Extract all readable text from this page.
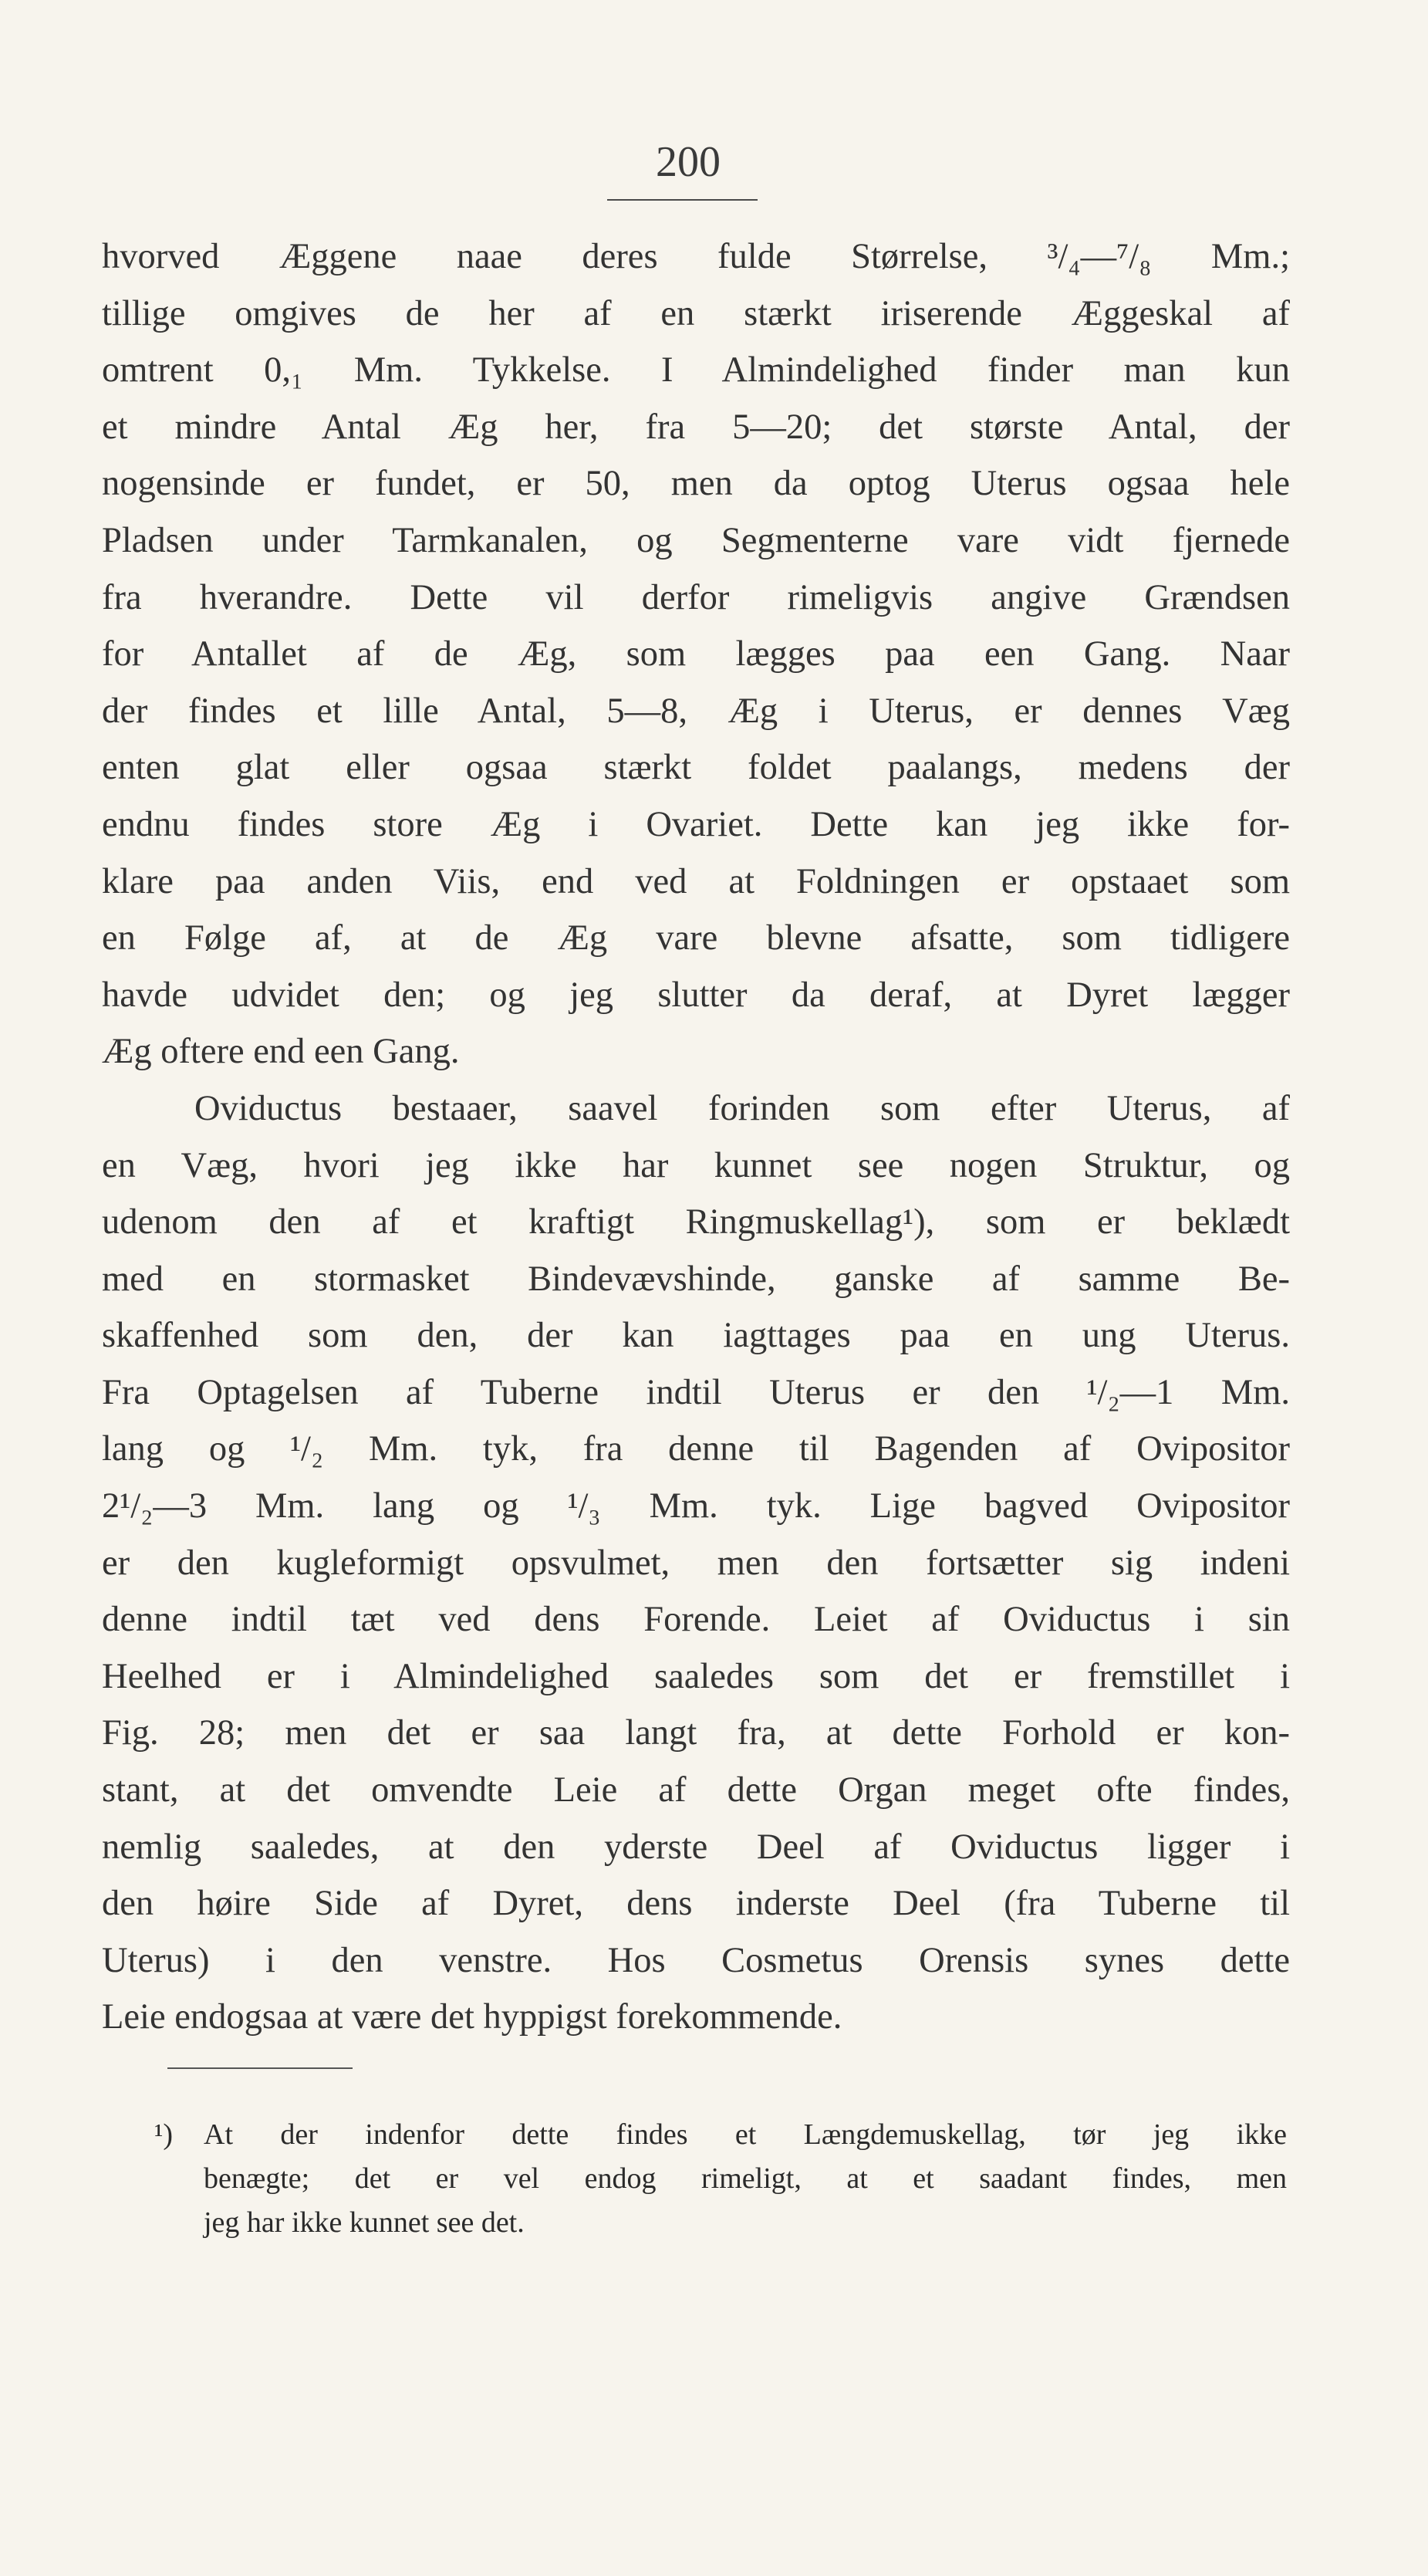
200
hvorved Æggene naae deres fulde Størrelse, ³/₄—⁷/₈ Mm.;
tillige omgives de her af en stærkt iriserende Æggeskal af
omtrent 0,₁ Mm. Tykkelse. I Almindelighed finder man kun
et mindre Antal Æg her, fra 5—20; det største Antal, der
nogensinde er fundet, er 50, men da optog Uterus ogsaa hele
Pladsen under Tarmkanalen, og Segmenterne vare vidt fjernede
fra hverandre. Dette vil derfor rimeligvis angive Grændsen
for Antallet af de Æg, som lægges paa een Gang. Naar
der findes et lille Antal, 5—8, Æg i Uterus, er dennes Væg
enten glat eller ogsaa stærkt foldet paalangs, medens der
endnu findes store Æg i Ovariet. Dette kan jeg ikke for-
klare paa anden Viis, end ved at Foldningen er opstaaet som
en Følge af, at de Æg vare blevne afsatte, som tidligere
havde udvidet den; og jeg slutter da deraf, at Dyret lægger
Æg oftere end een Gang.
Oviductus bestaaer, saavel forinden som efter Uterus, af
en Væg, hvori jeg ikke har kunnet see nogen Struktur, og
udenom den af et kraftigt Ringmuskellag¹), som er beklædt
med en stormasket Bindevævshinde, ganske af samme Be-
skaffenhed som den, der kan iagttages paa en ung Uterus.
Fra Optagelsen af Tuberne indtil Uterus er den ¹/₂—1 Mm.
lang og ¹/₂ Mm. tyk, fra denne til Bagenden af Ovipositor
2¹/₂—3 Mm. lang og ¹/₃ Mm. tyk. Lige bagved Ovipositor
er den kugleformigt opsvulmet, men den fortsætter sig indeni
denne indtil tæt ved dens Forende. Leiet af Oviductus i sin
Heelhed er i Almindelighed saaledes som det er fremstillet i
Fig. 28; men det er saa langt fra, at dette Forhold er kon-
stant, at det omvendte Leie af dette Organ meget ofte findes,
nemlig saaledes, at den yderste Deel af Oviductus ligger i
den høire Side af Dyret, dens inderste Deel (fra Tuberne til
Uterus) i den venstre. Hos Cosmetus Orensis synes dette
Leie endogsaa at være det hyppigst forekommende.
¹) At der indenfor dette findes et Længdemuskellag, tør jeg ikke
benægte; det er vel endog rimeligt, at et saadant findes, men
jeg har ikke kunnet see det.
